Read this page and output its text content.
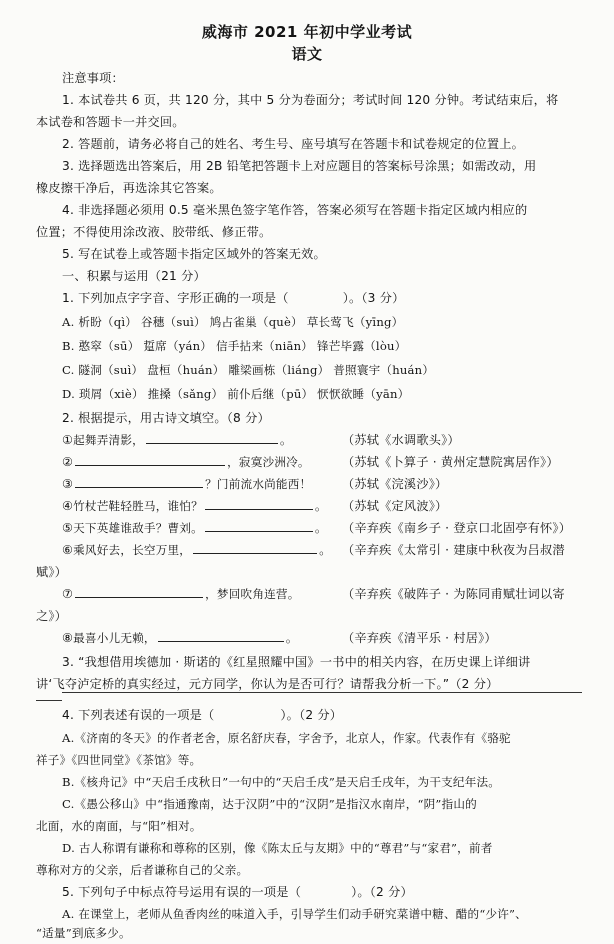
威海市 2021 年初中学业考试
语文
注意事项：
1. 本试卷共 6 页，共 120 分，其中 5 分为卷面分；考试时间 120 分钟。考试结束后，将
本试卷和答题卡一并交回。
2. 答题前，请务必将自己的姓名、考生号、座号填写在答题卡和试卷规定的位置上。
3. 选择题选出答案后，用 2B 铅笔把答题卡上对应题目的答案标号涂黑；如需改动，用
橡皮擦干净后，再选涂其它答案。
4. 非选择题必须用 0.5 毫米黑色签字笔作答，答案必须写在答题卡指定区域内相应的
位置；不得使用涂改液、胶带纸、修正带。
5. 写在试卷上或答题卡指定区域外的答案无效。
一、积累与运用（21 分）
1. 下列加点字字音、字形正确的一项是（	）。（3 分）
A. 析盼（qì） 谷穗（suì） 鸠占雀巢（què） 草长莺飞（yīng）
B. 憨窣（sū） 踅席（yán） 信手拈来（niān） 锋芒毕露（lòu）
C. 隧洞（suì） 盘桓（huán） 雕梁画栋（liáng） 普照寰宇（huán）
D. 琐屑（xiè） 推搡（sǎng） 前仆后继（pū） 恹恹欲睡（yān）
2. 根据提示，用古诗文填空。（8 分）
①起舞弄清影，	。	（苏轼《水调歌头》）
②	，寂寞沙洲冷。	（苏轼《卜算子 · 黄州定慧院寓居作》）
③	？门前流水尚能西！	（苏轼《浣溪沙》）
④竹杖芒鞋轻胜马，谁怕？	。 （苏轼《定风波》）
⑤天下英雄谁敌手？曹刘。	。 （辛弃疾《南乡子 · 登京口北固亭有怀》）
⑥乘风好去，长空万里，	。 （辛弃疾《太常引 · 建康中秋夜为吕叔潜
赋》）
⑦	，梦回吹角连营。	（辛弃疾《破阵子 · 为陈同甫赋壮词以寄
之》）
⑧最喜小儿无赖，	。	（辛弃疾《清平乐 · 村居》）
3. “我想借用埃德加 · 斯诺的《红星照耀中国》一书中的相关内容，在历史课上详细讲
讲‘飞夺泸定桥的真实经过，元方同学，你认为是否可行？请帮我分析一下。”（2 分）
4. 下列表述有误的一项是（	）。（2 分）
A.《济南的冬天》的作者老舍，原名舒庆春，字舍予，北京人，作家。代表作有《骆驼
祥子》《四世同堂》《茶馆》等。
B.《核舟记》中“天启壬戌秋日”一句中的“天启壬戌”是天启壬戌年，为干支纪年法。
C.《愚公移山》中“指通豫南，达于汉阴”中的“汉阴”是指汉水南岸，“阴”指山的
北面，水的南面，与“阳”相对。
D. 古人称谓有谦称和尊称的区别，像《陈太丘与友期》中的“尊君”与“家君”，前者
尊称对方的父亲，后者谦称自己的父亲。
5. 下列句子中标点符号运用有误的一项是（	）。（2 分）
A. 在课堂上，老师从鱼香肉丝的味道入手，引导学生们动手研究菜谱中糖、醋的“少许”、
“适量”到底多少。
